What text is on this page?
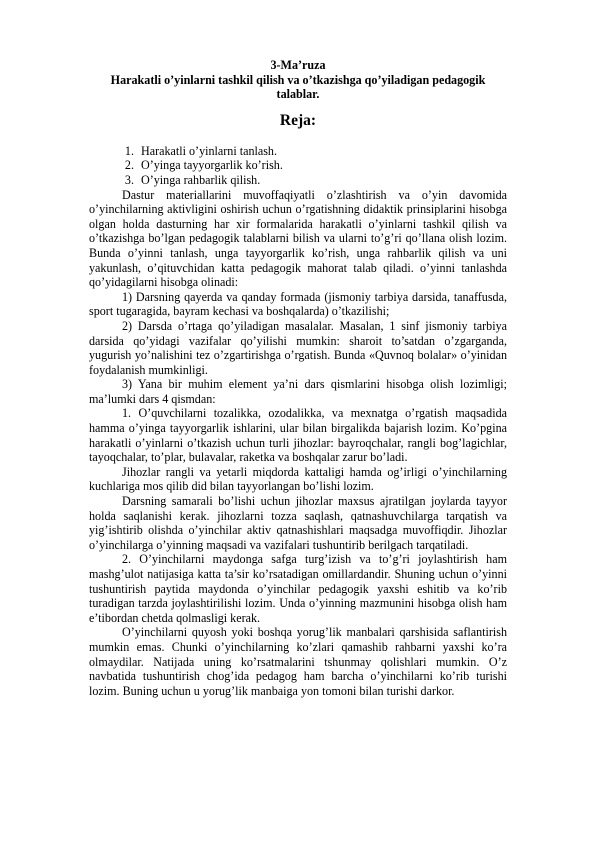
3-Ma’ruza
Harakatli o’yinlarni tashkil qilish va o’tkazishga qo’yiladigan pedagogik talablar.
Reja:
1. Harakatli o’yinlarni tanlash.
2. O’yinga tayyorgarlik ko’rish.
3. O’yinga rahbarlik qilish.

Dastur materiallarini muvoffaqiyatli o’zlashtirish va o’yin davomida o’yinchilarning aktivligini oshirish uchun o’rgatishning didaktik prinsiplarini hisobga olgan holda dasturning har xir formalarida harakatli o’yinlarni tashkil qilish va o’tkazishga bo’lgan pedagogik talablarni bilish va ularni to’g’ri qo’llana olish lozim. Bunda o’yinni tanlash, unga tayyorgarlik ko’rish, unga rahbarlik qilish va uni yakunlash, o’qituvchidan katta pedagogik mahorat talab qiladi. o’yinni tanlashda qo’yidagilarni hisobga olinadi:

1) Darsning qayerda va qanday formada (jismoniy tarbiya darsida, tanaffusda, sport tugaragida, bayram kechasi va boshqalarda) o’tkazilishi;

2) Darsda o’rtaga qo’yiladigan masalalar. Masalan, 1 sinf jismoniy tarbiya darsida qo’yidagi vazifalar qo’yilishi mumkin: sharoit to’satdan o’zgarganda, yugurish yo’nalishini tez o’zgartirishga o’rgatish. Bunda «Quvnoq bolalar» o’yinidan foydalanish mumkinligi.

3) Yana bir muhim element ya’ni dars qismlarini hisobga olish lozimligi; ma’lumki dars 4 qismdan:

1. O’quvchilarni tozalikka, ozodalikka, va mexnatga o’rgatish maqsadida hamma o’yinga tayyorgarlik ishlarini, ular bilan birgalikda bajarish lozim. Ko’pgina harakatli o’yinlarni o’tkazish uchun turli jihozlar: bayroqchalar, rangli bog’lagichlar, tayoqchalar, to’plar, bulavalar, raketka va boshqalar zarur bo’ladi.

Jihozlar rangli va yetarli miqdorda kattaligi hamda og’irligi o’yinchilarning kuchlariga mos qilib did bilan tayyorlangan bo’lishi lozim.

Darsning samarali bo’lishi uchun jihozlar maxsus ajratilgan joylarda tayyor holda saqlanishi kerak. jihozlarni tozza saqlash, qatnashuvchilarga tarqatish va yig’ishtirib olishda o’yinchilar aktiv qatnashishlari maqsadga muvoffiqdir. Jihozlar o’yinchilarga o’yinning maqsadi va vazifalari tushuntirib berilgach tarqatiladi.

2. O’yinchilarni maydonga safga turg’izish va to’g’ri joylashtirish ham mashg’ulot natijasiga katta ta’sir ko’rsatadigan omillardandir. Shuning uchun o’yinni tushuntirish paytida maydonda o’yinchilar pedagogik yaxshi eshitib va ko’rib turadigan tarzda joylashtirilishi lozim. Unda o’yinning mazmunini hisobga olish ham e’tibordan chetda qolmasligi kerak.

O’yinchilarni quyosh yoki boshqa yorug’lik manbalari qarshisida saflantirish mumkin emas. Chunki o’yinchilarning ko’zlari qamashib rahbarni yaxshi ko’ra olmaydilar. Natijada uning ko’rsatmalarini tshunmay qolishlari mumkin. O’z navbatida tushuntirish chog’ida pedagog ham barcha o’yinchilarni ko’rib turishi lozim. Buning uchun u yorug’lik manbaiga yon tomoni bilan turishi darkor.
